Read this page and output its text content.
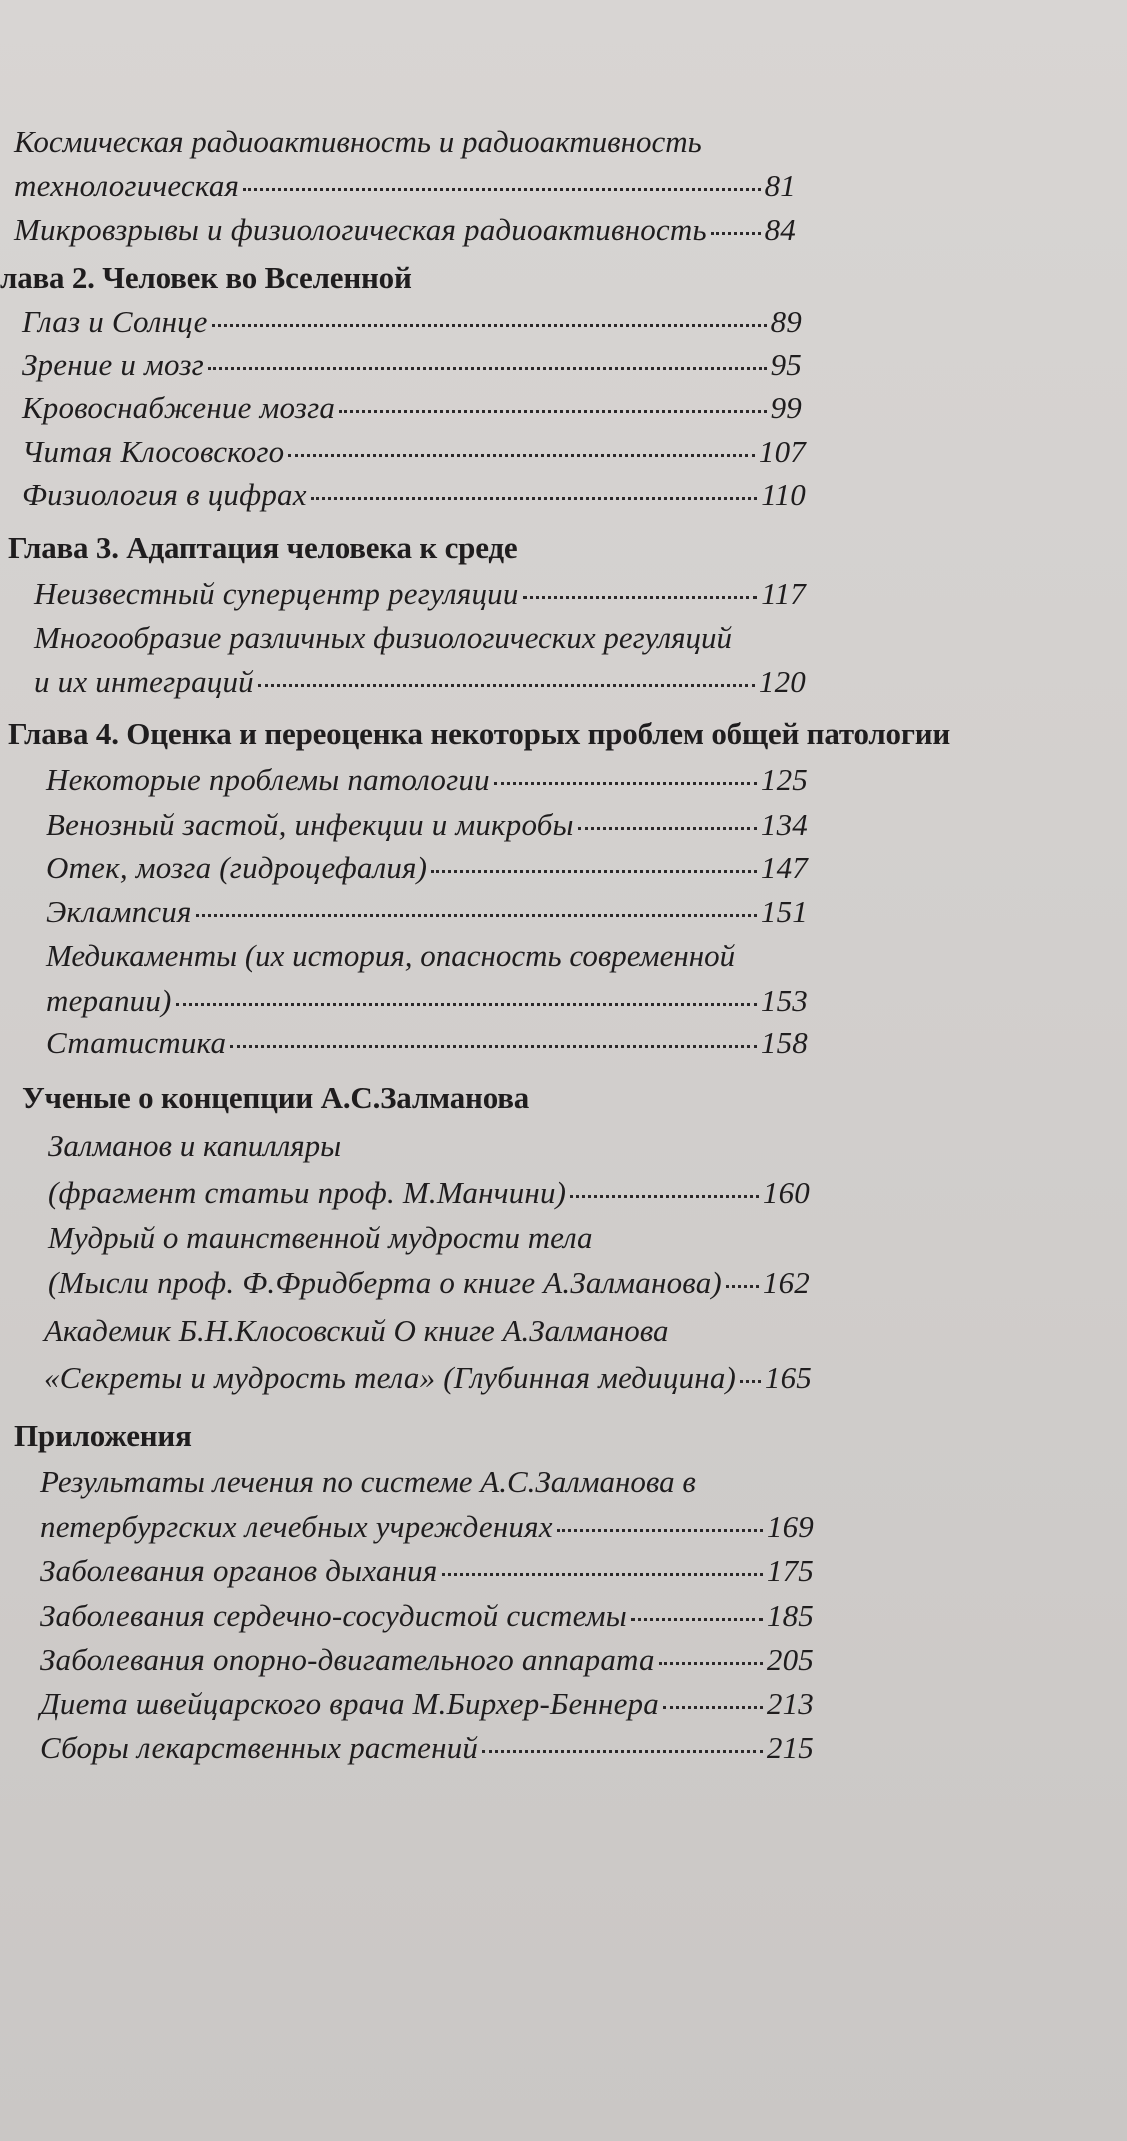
Космическая радиоактивность и радиоактивность
технологическая	81
Микровзрывы и физиологическая радиоактивность 84
лава 2. Человек во Вселенной
Глаз и Солнце	89
Зрение и мозг	95
Кровоснабжение мозга	99
Читая Клосовского	107
Физиология в цифрах	110
Глава 3. Адаптация человека к среде
Неизвестный суперцентр регуляции	117
Многообразие различных физиологических регуляций
и их интеграций	120
Глава 4. Оценка и переоценка некоторых проблем общей патологии
Некоторые проблемы патологии	125
Венозный застой, инфекции и микробы	134
Отек, мозга (гидроцефалия)	147
Эклампсия	151
Медикаменты (их история, опасность современной
терапии)	153
Статистика	158
Ученые о концепции А.С.Залманова
Залманов и капилляры
(фрагмент статьи проф. М.Манчини)	160
Мудрый о таинственной мудрости тела
(Мысли проф. Ф.Фридберта о книге А.Залманова) 162
Академик Б.Н.Клосовский О книге А.Залманова
«Секреты и мудрость тела» (Глубинная медицина) 165
Приложения
Результаты лечения по системе А.С.Залманова в
петербургских лечебных учреждениях	169
Заболевания органов дыхания	175
Заболевания сердечно-сосудистой системы	185
Заболевания опорно-двигательного аппарата	205
Диета швейцарского врача М.Бирхер-Беннера	213
Сборы лекарственных растений	215
